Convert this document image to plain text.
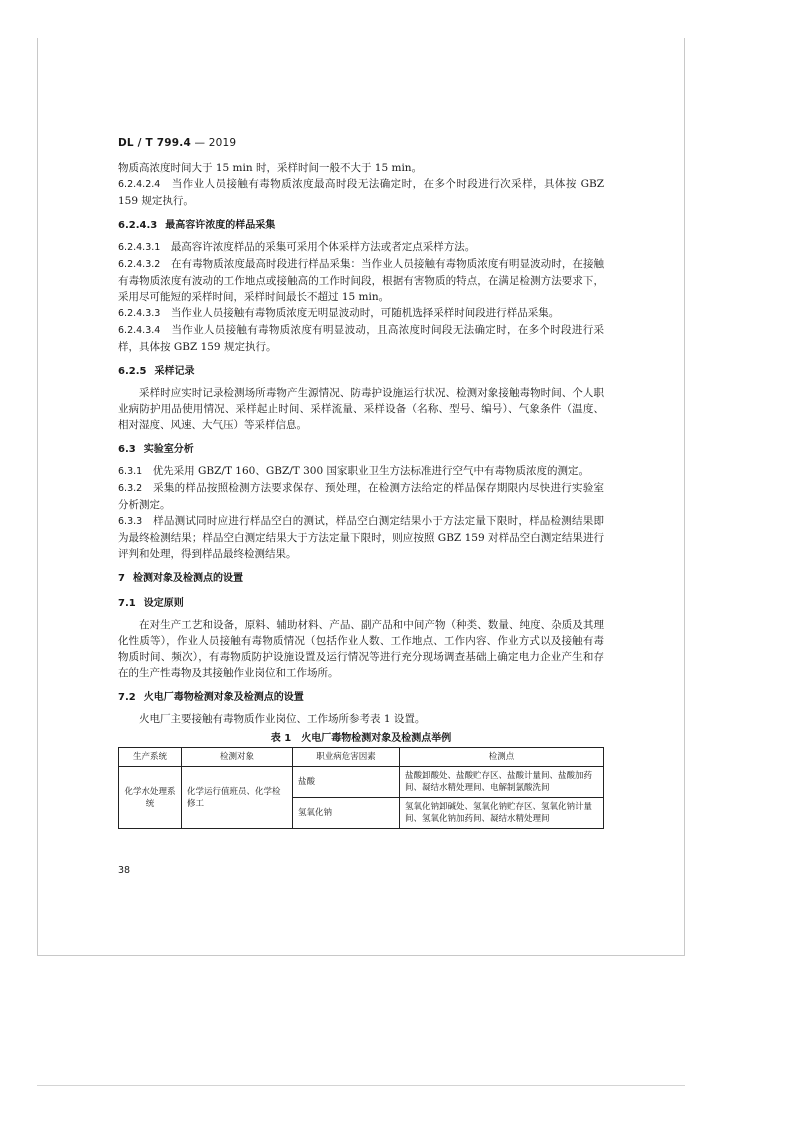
DL / T 799.4 — 2019

物质高浓度时间大于 15 min 时，采样时间一般不大于 15 min。

6.2.4.2.4　 当作业人员接触有毒物质浓度最高时段无法确定时，在多个时段进行次采样，具体按 GBZ 159 规定执行。

6.2.4.3 最高容许浓度的样品采集

6.2.4.3.1　 最高容许浓度样品的采集可采用个体采样方法或者定点采样方法。

6.2.4.3.2　 在有毒物质浓度最高时段进行样品采集：当作业人员接触有毒物质浓度有明显波动时，在接触有毒物质浓度有波动的工作地点或接触高的工作时间段，根据有害物质的特点，在满足检测方法要求下，采用尽可能短的采样时间，采样时间最长不超过 15 min。

6.2.4.3.3　 当作业人员接触有毒物质浓度无明显波动时，可随机选择采样时间段进行样品采集。

6.2.4.3.4　 当作业人员接触有毒物质浓度有明显波动，且高浓度时间段无法确定时，在多个时段进行采样，具体按 GBZ 159 规定执行。

6.2.5 采样记录

采样时应实时记录检测场所毒物产生源情况、防毒护设施运行状况、检测对象接触毒物时间、个人职业病防护用品使用情况、采样起止时间、采样流量、采样设备（名称、型号、编号）、气象条件（温度、相对湿度、风速、大气压）等采样信息。

6.3 实验室分析

6.3.1　 优先采用 GBZ/T 160、GBZ/T 300 国家职业卫生方法标准进行空气中有毒物质浓度的测定。

6.3.2　 采集的样品按照检测方法要求保存、预处理，在检测方法给定的样品保存期限内尽快进行实验室分析测定。

6.3.3　 样品测试同时应进行样品空白的测试，样品空白测定结果小于方法定量下限时，样品检测结果即为最终检测结果；样品空白测定结果大于方法定量下限时，则应按照 GBZ 159 对样品空白测定结果进行评判和处理，得到样品最终检测结果。

7 检测对象及检测点的设置

7.1 设定原则

在对生产工艺和设备，原料、辅助材料、产品、副产品和中间产物（种类、数量、纯度、杂质及其理化性质等），作业人员接触有毒物质情况（包括作业人数、工作地点、工作内容、作业方式以及接触有毒物质时间、频次），有毒物质防护设施设置及运行情况等进行充分现场调查基础上确定电力企业产生和存在的生产性毒物及其接触作业岗位和工作场所。

7.2 火电厂毒物检测对象及检测点的设置

火电厂主要接触有毒物质作业岗位、工作场所参考表 1 设置。

表 1　火电厂毒物检测对象及检测点举例
生产系统	检测对象	职业病危害因素	检测点
化学水处理系统	化学运行值班员、化学检修工	盐酸	盐酸卸酸处、盐酸贮存区、盐酸计量间、盐酸加药间、凝结水精处理间、电解制氯酸洗间
		氢氧化钠	氢氧化钠卸碱处、氢氧化钠贮存区、氢氧化钠计量间、氢氧化钠加药间、凝结水精处理间
38
